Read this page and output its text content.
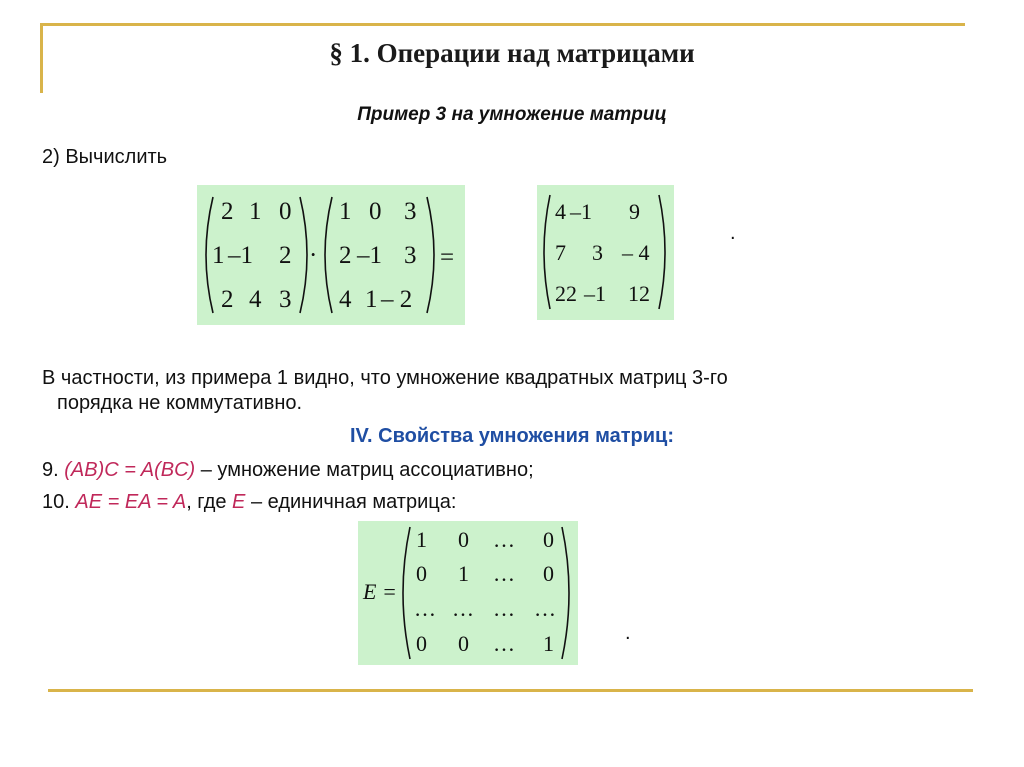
§ 1. Операции над матрицами
Пример 3 на умножение матриц
2) Вычислить
2 1 0
1 –1 2
2 4 3
·
1 0 3
2 –1 3
4 1 – 2
=
4 –1 9
7 3 – 4
22 –1 12
.
В частности, из примера 1 видно, что умножение квадратных матриц 3-го
порядка не коммутативно.
IV. Свойства умножения матриц:
9. (AB)C = A(BC) – умножение матриц ассоциативно;
10. AE = EA = A, где E – единичная матрица:
E =
1 0 … 0
0 1 … 0
… … … …
0 0 … 1	.
